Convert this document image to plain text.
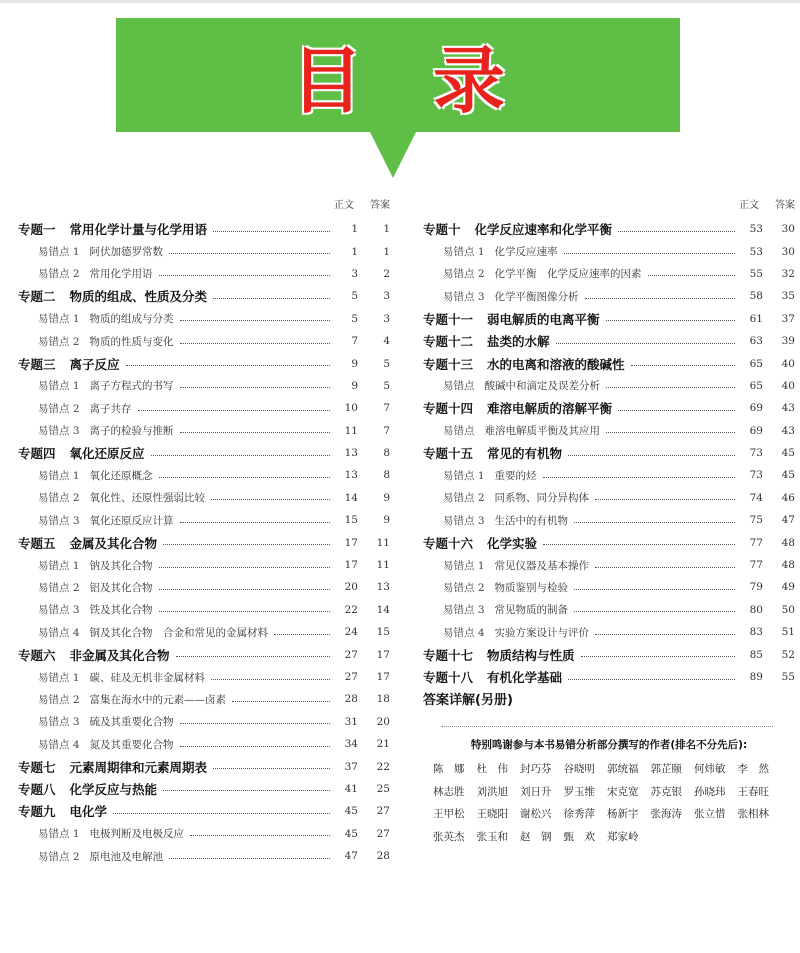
目录
正文 答案
专题一 常用化学计量与化学用语	1	1
易错点 1 阿伏加德罗常数	1	1
易错点 2 常用化学用语	3	2
专题二 物质的组成、性质及分类	5	3
易错点 1 物质的组成与分类	5	3
易错点 2 物质的性质与变化	7	4
专题三 离子反应	9	5
易错点 1 离子方程式的书写	9	5
易错点 2 离子共存	10	7
易错点 3 离子的检验与推断	11	7
专题四 氧化还原反应	13	8
易错点 1 氧化还原概念	13	8
易错点 2 氧化性、还原性强弱比较	14	9
易错点 3 氧化还原反应计算	15	9
专题五 金属及其化合物	17	11
易错点 1 钠及其化合物	17	11
易错点 2 铝及其化合物	20	13
易错点 3 铁及其化合物	22	14
易错点 4 铜及其化合物　合金和常见的金属材料	24	15
专题六 非金属及其化合物	27	17
易错点 1 碳、硅及无机非金属材料	27	17
易错点 2 富集在海水中的元素——卤素	28	18
易错点 3 硫及其重要化合物	31	20
易错点 4 氮及其重要化合物	34	21
专题七 元素周期律和元素周期表	37	22
专题八 化学反应与热能	41	25
专题九 电化学	45	27
易错点 1 电极判断及电极反应	45	27
易错点 2 原电池及电解池	47	28
正文 答案
专题十 化学反应速率和化学平衡	53	30
易错点 1 化学反应速率	53	30
易错点 2 化学平衡　化学反应速率的因素	55	32
易错点 3 化学平衡图像分析	58	35
专题十一 弱电解质的电离平衡	61	37
专题十二 盐类的水解	63	39
专题十三 水的电离和溶液的酸碱性	65	40
易错点 酸碱中和滴定及误差分析	65	40
专题十四 难溶电解质的溶解平衡	69	43
易错点 难溶电解质平衡及其应用	69	43
专题十五 常见的有机物	73	45
易错点 1 重要的烃	73	45
易错点 2 同系物、同分异构体	74	46
易错点 3 生活中的有机物	75	47
专题十六 化学实验	77	48
易错点 1 常见仪器及基本操作	77	48
易错点 2 物质鉴别与检验	79	49
易错点 3 常见物质的制备	80	50
易错点 4 实验方案设计与评价	83	51
专题十七 物质结构与性质	85	52
专题十八 有机化学基础	89	55
答案详解(另册)
特别鸣谢参与本书易错分析部分撰写的作者(排名不分先后):
陈　娜	杜　伟	封巧芬	谷晓明	郭统福	郭芷颐	何炜敏	李　然
林志胜	刘洪旭	刘日升	罗玉维	宋克宽	苏克银	孙晓玮	王春旺
王甲松	王晓阳	谢松兴	徐秀萍	杨新宇	张海涛	张立惜	张相林
张英杰	张玉和	赵　钢	甄　欢	郑家岭
